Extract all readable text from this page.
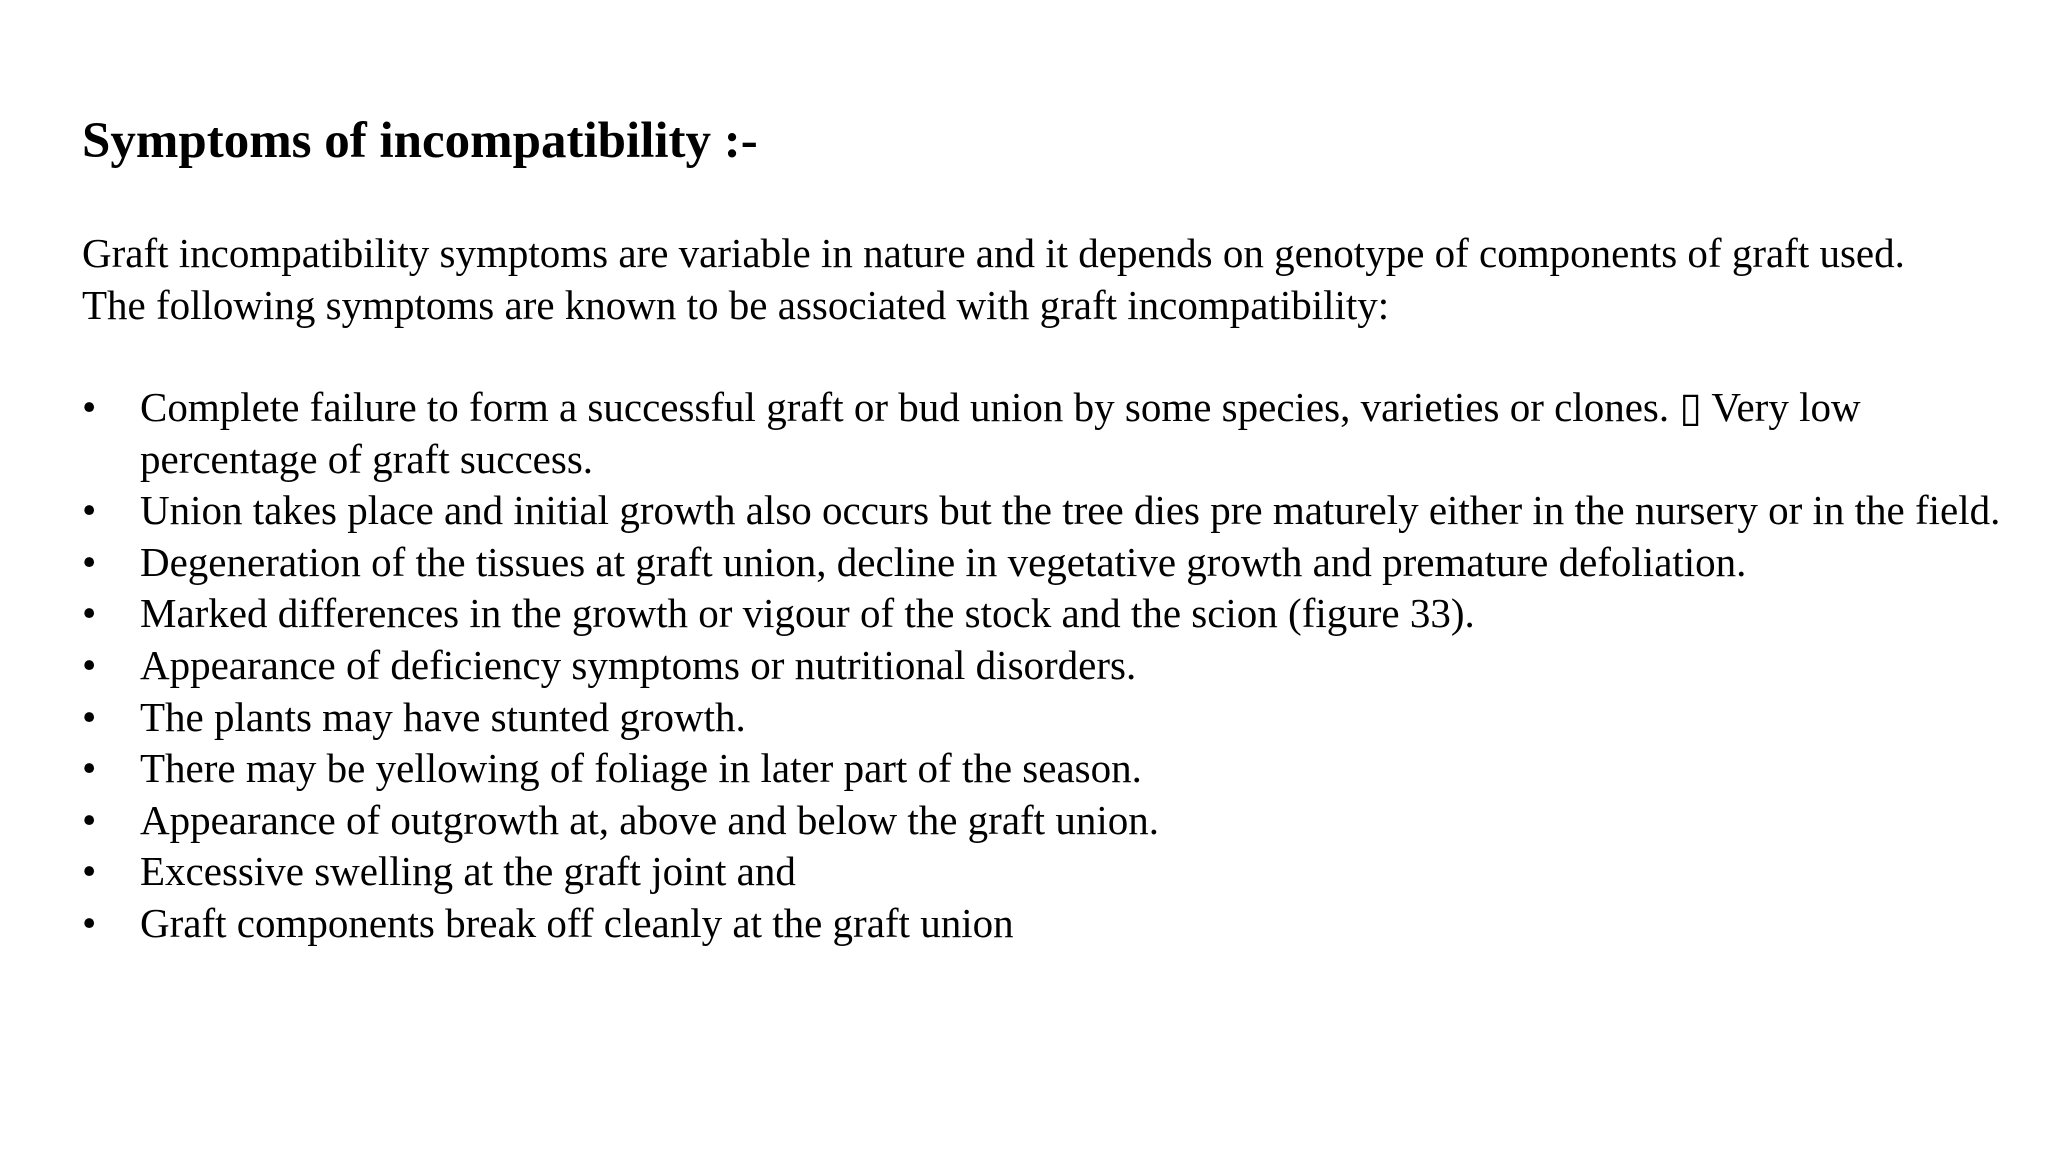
Symptoms of incompatibility :-

Graft incompatibility symptoms are variable in nature and it depends on genotype of components of graft used.
The following symptoms are known to be associated with graft incompatibility:

•	Complete failure to form a successful graft or bud union by some species, varieties or clones. ▯ Very low percentage of graft success.
•	Union takes place and initial growth also occurs but the tree dies pre maturely either in the nursery or in the field.
•	Degeneration of the tissues at graft union, decline in vegetative growth and premature defoliation.
•	Marked differences in the growth or vigour of the stock and the scion (figure 33).
•	Appearance of deficiency symptoms or nutritional disorders.
•	The plants may have stunted growth.
•	There may be yellowing of foliage in later part of the season.
•	Appearance of outgrowth at, above and below the graft union.
•	Excessive swelling at the graft joint and
•	Graft components break off cleanly at the graft union
